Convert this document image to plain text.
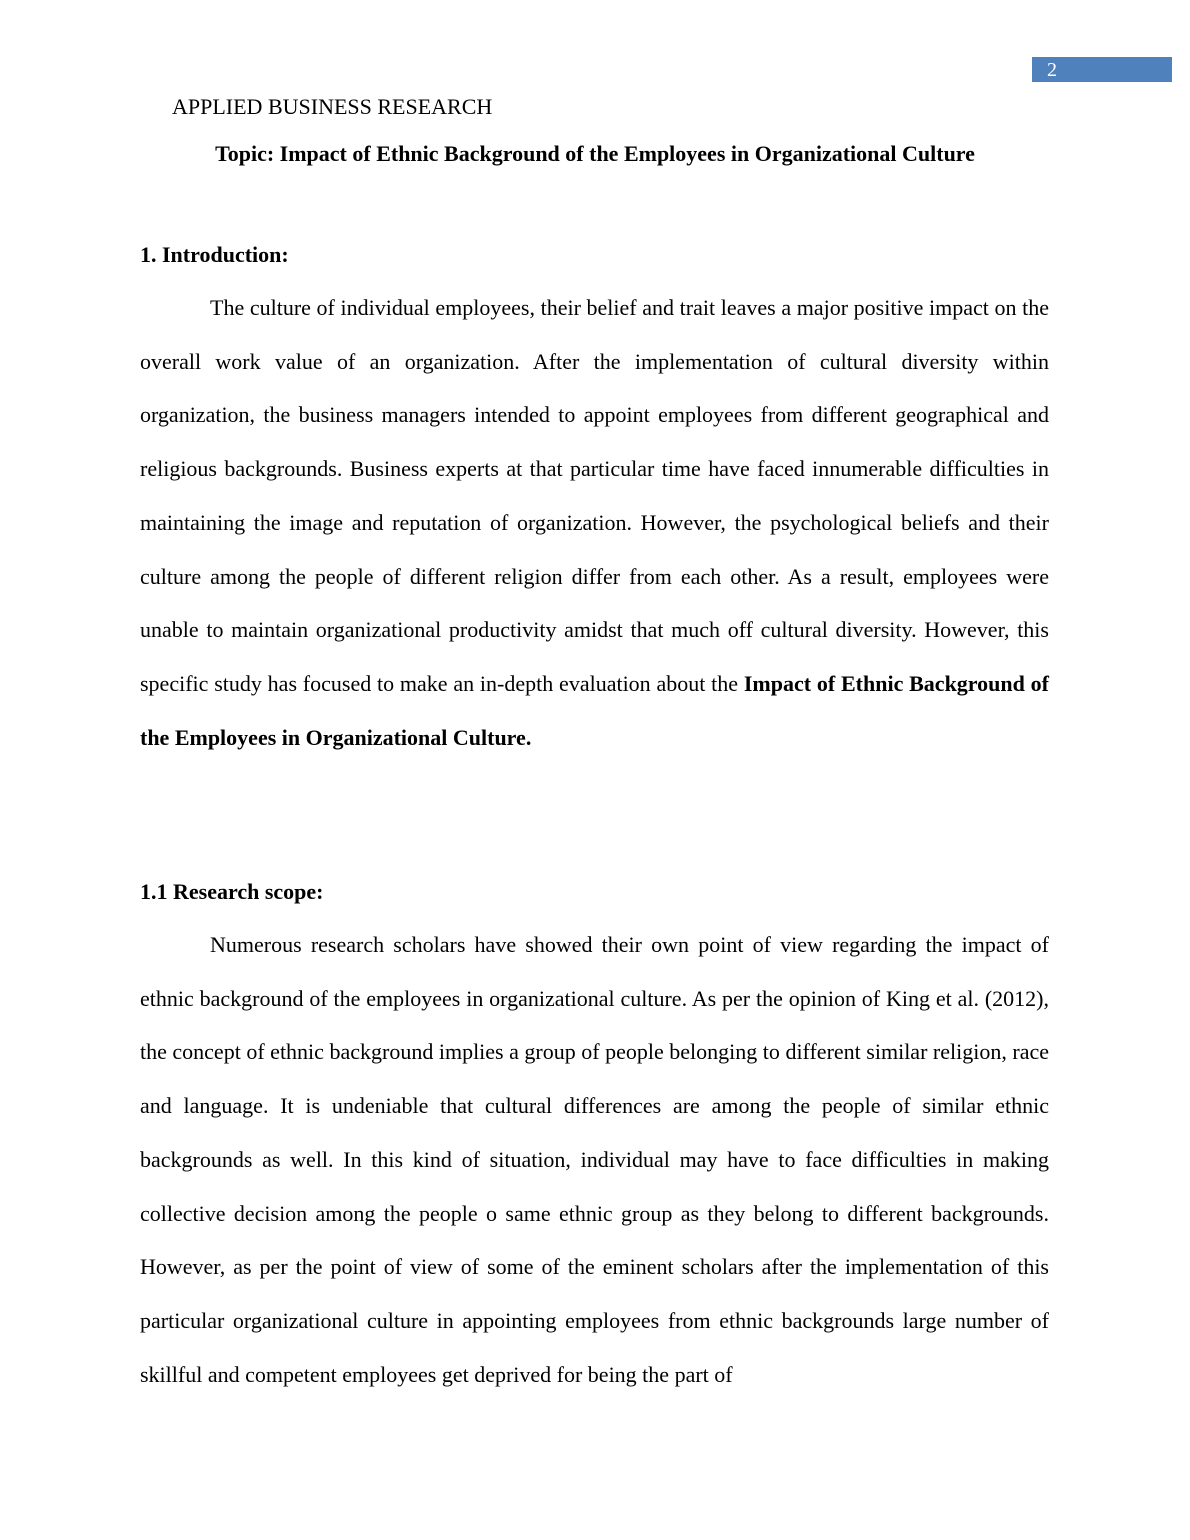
2
APPLIED BUSINESS RESEARCH
Topic: Impact of Ethnic Background of the Employees in Organizational Culture
1. Introduction:

The culture of individual employees, their belief and trait leaves a major positive impact on the overall work value of an organization. After the implementation of cultural diversity within organization, the business managers intended to appoint employees from different geographical and religious backgrounds. Business experts at that particular time have faced innumerable difficulties in maintaining the image and reputation of organization. However, the psychological beliefs and their culture among the people of different religion differ from each other. As a result, employees were unable to maintain organizational productivity amidst that much off cultural diversity. However, this specific study has focused to make an in-depth evaluation about the Impact of Ethnic Background of the Employees in Organizational Culture.

1.1 Research scope:

Numerous research scholars have showed their own point of view regarding the impact of ethnic background of the employees in organizational culture. As per the opinion of King et al. (2012), the concept of ethnic background implies a group of people belonging to different similar religion, race and language. It is undeniable that cultural differences are among the people of similar ethnic backgrounds as well. In this kind of situation, individual may have to face difficulties in making collective decision among the people o same ethnic group as they belong to different backgrounds. However, as per the point of view of some of the eminent scholars after the implementation of this particular organizational culture in appointing employees from ethnic backgrounds large number of skillful and competent employees get deprived for being the part of
